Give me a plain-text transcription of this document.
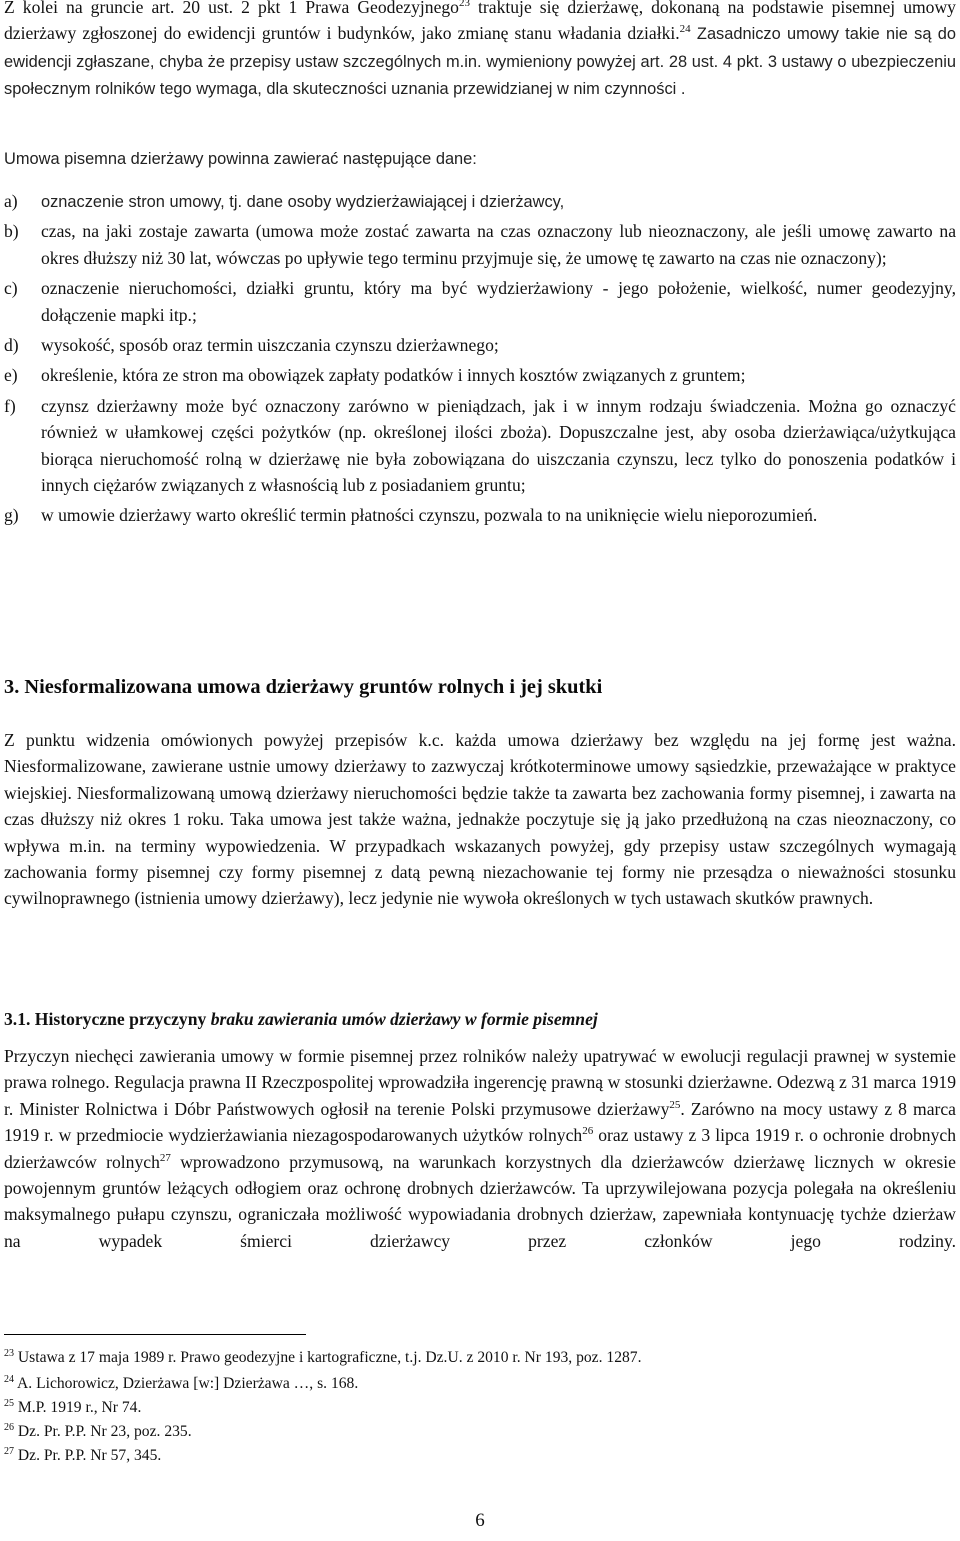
Z kolei na gruncie art. 20 ust. 2 pkt 1 Prawa Geodezyjnego$^{23}$ traktuje się dzierżawę, dokonaną na podstawie pisemnej umowy dzierżawy zgłoszonej do ewidencji gruntów i budynków, jako zmianę stanu władania działki.$^{24}$ Zasadniczo umowy takie nie są do ewidencji zgłaszane, chyba że przepisy ustaw szczególnych m.in. wymieniony powyżej art. 28 ust. 4 pkt. 3 ustawy o ubezpieczeniu społecznym rolników tego wymaga, dla skuteczności uznania przewidzianej w nim czynności .

Umowa pisemna dzierżawy powinna zawierać następujące dane:

a) oznaczenie stron umowy, tj. dane osoby wydzierżawiającej i dzierżawcy,
b) czas, na jaki zostaje zawarta (umowa może zostać zawarta na czas oznaczony lub nieoznaczony, ale jeśli umowę zawarto na okres dłuższy niż 30 lat, wówczas po upływie tego terminu przyjmuje się, że umowę tę zawarto na czas nie oznaczony);
c) oznaczenie nieruchomości, działki gruntu, który ma być wydzierżawiony - jego położenie, wielkość, numer geodezyjny, dołączenie mapki itp.;
d) wysokość, sposób oraz termin uiszczania czynszu dzierżawnego;
e) określenie, która ze stron ma obowiązek zapłaty podatków i innych kosztów związanych z gruntem;
f) czynsz dzierżawny może być oznaczony zarówno w pieniądzach, jak i w innym rodzaju świadczenia. Można go oznaczyć również w ułamkowej części pożytków (np. określonej ilości zboża). Dopuszczalne jest, aby osoba dzierżawiąca/użytkująca biorąca nieruchomość rolną w dzierżawę nie była zobowiązana do uiszczania czynszu, lecz tylko do ponoszenia podatków i innych ciężarów związanych z własnością lub z posiadaniem gruntu;
g) w umowie dzierżawy warto określić termin płatności czynszu, pozwala to na uniknięcie wielu nieporozumień.
3. Niesformalizowana umowa dzierżawy gruntów rolnych i jej skutki

Z punktu widzenia omówionych powyżej przepisów k.c. każda umowa dzierżawy bez względu na jej formę jest ważna. Niesformalizowane, zawierane ustnie umowy dzierżawy to zazwyczaj krótkoterminowe umowy sąsiedzkie, przeważające w praktyce wiejskiej. Niesformalizowaną umową dzierżawy nieruchomości będzie także ta zawarta bez zachowania formy pisemnej, i zawarta na czas dłuższy niż okres 1 roku. Taka umowa jest także ważna, jednakże poczytuje się ją jako przedłużoną na czas nieoznaczony, co wpływa m.in. na terminy wypowiedzenia. W przypadkach wskazanych powyżej, gdy przepisy ustaw szczególnych wymagają zachowania formy pisemnej czy formy pisemnej z datą pewną niezachowanie tej formy nie przesądza o nieważności stosunku cywilnoprawnego (istnienia umowy dzierżawy), lecz jedynie nie wywoła określonych w tych ustawach skutków prawnych.

3.1. Historyczne przyczyny braku zawierania umów dzierżawy w formie pisemnej

Przyczyn niechęci zawierania umowy w formie pisemnej przez rolników należy upatrywać w ewolucji regulacji prawnej w systemie prawa rolnego. Regulacja prawna II Rzeczpospolitej wprowadziła ingerencję prawną w stosunki dzierżawne. Odezwą z 31 marca 1919 r. Minister Rolnictwa i Dóbr Państwowych ogłosił na terenie Polski przymusowe dzierżawy$^{25}$. Zarówno na mocy ustawy z 8 marca 1919 r. w przedmiocie wydzierżawiania niezagospodarowanych użytków rolnych$^{26}$ oraz ustawy z 3 lipca 1919 r. o ochronie drobnych dzierżawców rolnych$^{27}$ wprowadzono przymusową, na warunkach korzystnych dla dzierżawców dzierżawę licznych w okresie powojennym gruntów leżących odłogiem oraz ochronę drobnych dzierżawców. Ta uprzywilejowana pozycja polegała na określeniu maksymalnego pułapu czynszu, ograniczała możliwość wypowiadania drobnych dzierżaw, zapewniała kontynuację tychże dzierżaw na wypadek śmierci dzierżawcy przez członków jego rodziny.

$^{23}$ Ustawa z 17 maja 1989 r. Prawo geodezyjne i kartograficzne, t.j. Dz.U. z 2010 r. Nr 193, poz. 1287.
$^{24}$ A. Lichorowicz, Dzierżawa [w:] Dzierżawa …, s. 168.
$^{25}$ M.P. 1919 r., Nr 74.
$^{26}$ Dz. Pr. P.P. Nr 23, poz. 235.
$^{27}$ Dz. Pr. P.P. Nr 57, 345.
6
